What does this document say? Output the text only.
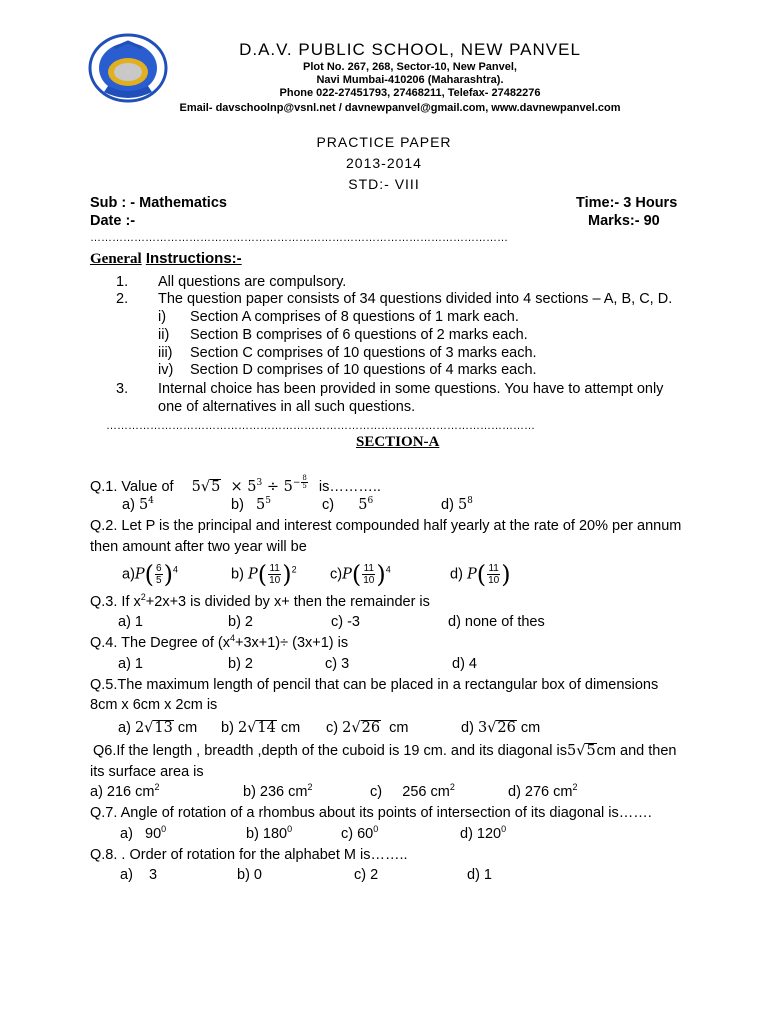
D.A.V. PUBLIC SCHOOL, NEW PANVEL
Plot No. 267, 268, Sector-10, New Panvel,
Navi Mumbai-410206 (Maharashtra).
Phone 022-27451793, 27468211, Telefax- 27482276
Email- davschoolnp@vsnl.net / davnewpanvel@gmail.com, www.davnewpanvel.com
PRACTICE PAPER
2013-2014
STD:- VIII
Sub : - Mathematics	Time:- 3 Hours
Date :-	Marks:- 90
……………………………………………………………………………………………………
General Instructions:-
1. All questions are compulsory.
2. The question paper consists of 34 questions divided into 4 sections – A, B, C, D.
i) Section A comprises of 8 questions of 1 mark each.
ii) Section B comprises of 6 questions of 2 marks each.
iii) Section C comprises of 10 questions of 3 marks each.
iv) Section D comprises of 10 questions of 4 marks each.
3. Internal choice has been provided in some questions. You have to attempt only
one of alternatives in all such questions.
………………………………………………………………………………………………………
SECTION-A
Q.1. Value of $5√5 \times 5^3 \div 5^{- \frac{8}{5}}$ is………..
a) $5^4$	b) $5^5$	c) $5^6$	d) $5^8$
Q.2. Let P is the principal and interest compounded half yearly at the rate of 20% per annum
then amount after two year will be
$a)P( \frac{6}{5} )^4$	b) $P( \frac{11}{10} )^2$ $c)P( \frac{11}{10} )^4$	d) $P( \frac{11}{10}$ )
Q.3. If $x^2+2x+3$ is divided by x+ then the remainder is
a) 1	b) 2	c) -3	d) none of thes
Q.4. The Degree of $(x^4+3x+1)\div (3x+1)$ is
a) 1	b) 2	c) 3	d) 4
Q.5.The maximum length of pencil that can be placed in a rectangular box of dimensions
8cm x 6cm x 2cm is
a) 2√13 cm b) 2√14 cm c) 2√26 cm	d) 3√26 cm
Q6.If the length , breadth ,depth of the cuboid is 19 cm. and its diagonal is5√5cm and then
its surface area is
a) 216 $cm^2$	b) 236 $cm^2$	c) 256 $cm^2$	d) 276 $cm^2$
Q.7. Angle of rotation of a rhombus about its points of intersection of its diagonal is…….
a) $90^0$	b) $180^0$	c) $60^0$	d) $120^0$
Q.8. . Order of rotation for the alphabet M is……..
a) 3	b) 0	c) 2	d) 1
